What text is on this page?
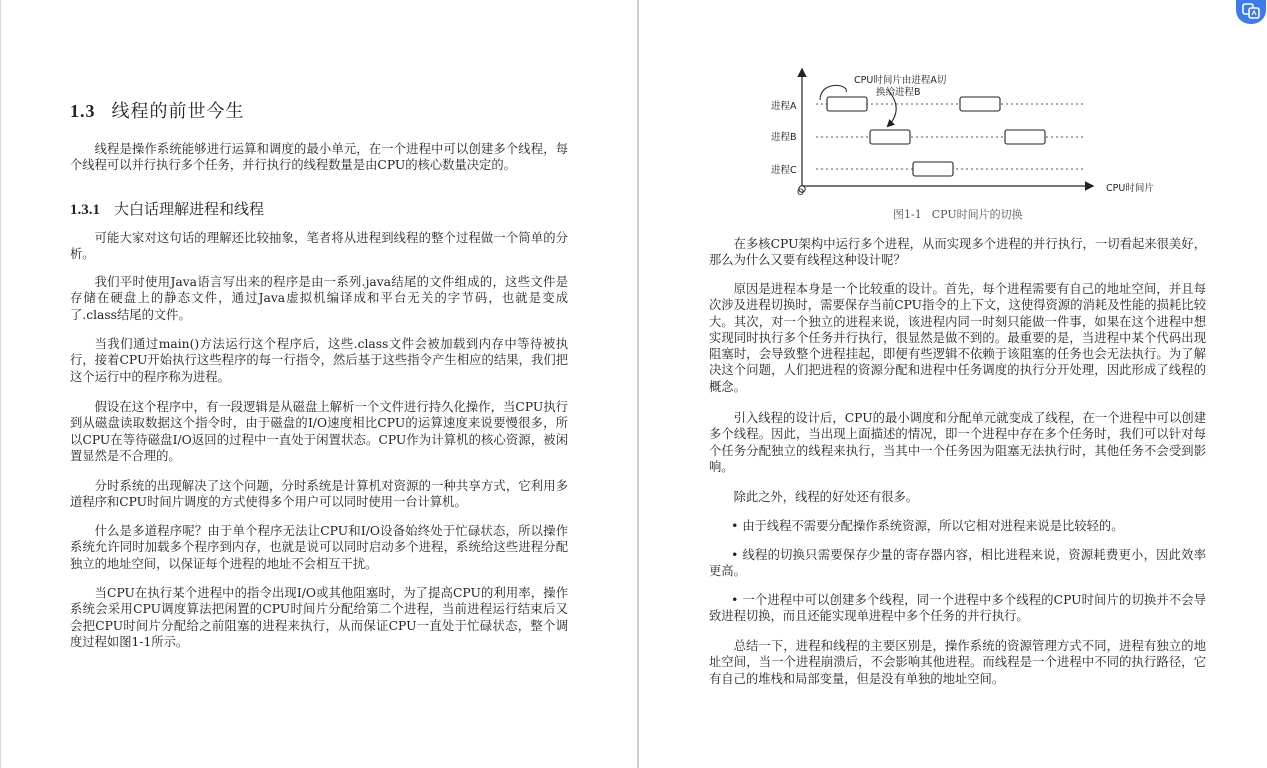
1.3 线程的前世今生

线程是操作系统能够进行运算和调度的最小单元，在一个进程中可以创建多个线程，每个线程可以并行执行多个任务，并行执行的线程数量是由CPU的核心数量决定的。

1.3.1 大白话理解进程和线程

可能大家对这句话的理解还比较抽象，笔者将从进程到线程的整个过程做一个简单的分析。

我们平时使用Java语言写出来的程序是由一系列.java结尾的文件组成的，这些文件是存储在硬盘上的静态文件，通过Java虚拟机编译成和平台无关的字节码，也就是变成了.class结尾的文件。

当我们通过main()方法运行这个程序后，这些.class文件会被加载到内存中等待被执行，接着CPU开始执行这些程序的每一行指令，然后基于这些指令产生相应的结果，我们把这个运行中的程序称为进程。

假设在这个程序中，有一段逻辑是从磁盘上解析一个文件进行持久化操作，当CPU执行到从磁盘读取数据这个指令时，由于磁盘的I/O速度相比CPU的运算速度来说要慢很多，所以CPU在等待磁盘I/O返回的过程中一直处于闲置状态。CPU作为计算机的核心资源，被闲置显然是不合理的。

分时系统的出现解决了这个问题，分时系统是计算机对资源的一种共享方式，它利用多道程序和CPU时间片调度的方式使得多个用户可以同时使用一台计算机。

什么是多道程序呢？由于单个程序无法让CPU和I/O设备始终处于忙碌状态，所以操作系统允许同时加载多个程序到内存，也就是说可以同时启动多个进程，系统给这些进程分配独立的地址空间，以保证每个进程的地址不会相互干扰。

当CPU在执行某个进程中的指令出现I/O或其他阻塞时，为了提高CPU的利用率，操作系统会采用CPU调度算法把闲置的CPU时间片分配给第二个进程，当前进程运行结束后又会把CPU时间片分配给之前阻塞的进程来执行，从而保证CPU一直处于忙碌状态，整个调度过程如图1-1所示。

CPU时间片由进程A切
换给进程B
进程A
进程B
进程C
CPU时间片
O
图1-1 CPU时间片的切换

在多核CPU架构中运行多个进程，从而实现多个进程的并行执行，一切看起来很美好，那么为什么又要有线程这种设计呢？

原因是进程本身是一个比较重的设计。首先，每个进程需要有自己的地址空间，并且每次涉及进程切换时，需要保存当前CPU指令的上下文，这使得资源的消耗及性能的损耗比较大。其次，对一个独立的进程来说，该进程内同一时刻只能做一件事，如果在这个进程中想实现同时执行多个任务并行执行，很显然是做不到的。最重要的是，当进程中某个代码出现阻塞时，会导致整个进程挂起，即便有些逻辑不依赖于该阻塞的任务也会无法执行。为了解决这个问题，人们把进程的资源分配和进程中任务调度的执行分开处理，因此形成了线程的概念。

引入线程的设计后，CPU的最小调度和分配单元就变成了线程，在一个进程中可以创建多个线程。因此，当出现上面描述的情况，即一个进程中存在多个任务时，我们可以针对每个任务分配独立的线程来执行，当其中一个任务因为阻塞无法执行时，其他任务不会受到影响。

除此之外，线程的好处还有很多。

• 由于线程不需要分配操作系统资源，所以它相对进程来说是比较轻的。

• 线程的切换只需要保存少量的寄存器内容，相比进程来说，资源耗费更小，因此效率更高。

• 一个进程中可以创建多个线程，同一个进程中多个线程的CPU时间片的切换并不会导致进程切换，而且还能实现单进程中多个任务的并行执行。

总结一下，进程和线程的主要区别是，操作系统的资源管理方式不同，进程有独立的地址空间，当一个进程崩溃后，不会影响其他进程。而线程是一个进程中不同的执行路径，它有自己的堆栈和局部变量，但是没有单独的地址空间。
